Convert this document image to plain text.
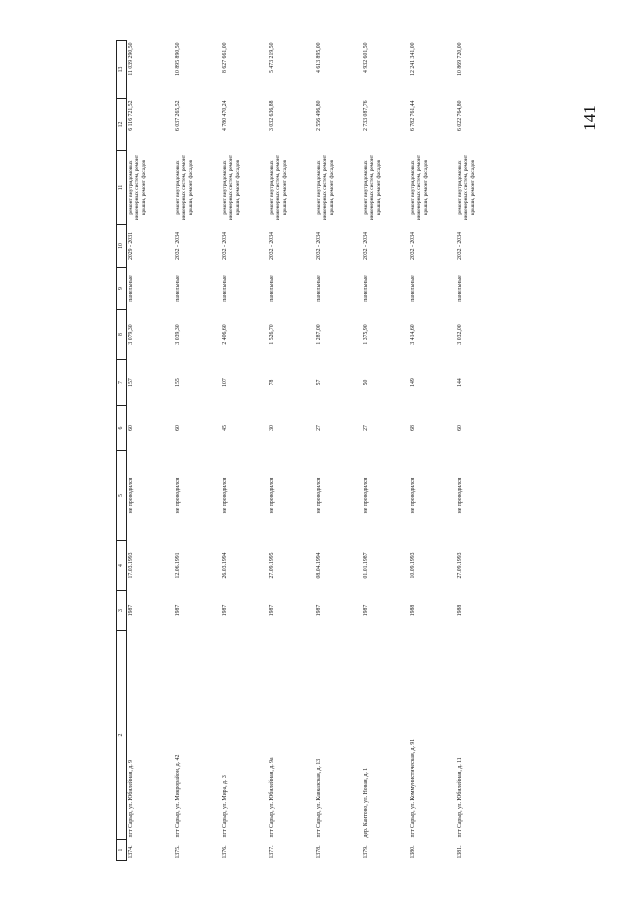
141
1	2	3	4	5	6	7	8	9	10	11	12	13
1374.	пгт Сарыр, ул. Юбилейная, д. 9	1987	17.03.1993	не проводился	60	157	3 079,30	панельные	2029 - 2031	ремонт внутридомовых инженерных систем, ремонт крыши, ремонт фасадов	6 116 721,52	11 039 290,50
1375.	пгт Сарыр, ул. Микрорайон, д. 42	1987	12.06.1991	не проводился	60	155	3 039,30	панельные	2032 - 2034	ремонт внутридомовых инженерных систем, ремонт крыши, ремонт фасадов	6 037 265,52	10 895 890,50
1376.	пгт Сарыр, ул. Мира, д. 3	1987	26.03.1994	не проводился	45	107	2 406,60	панельные	2032 - 2034	ремонт внутридомовых инженерных систем, ремонт крыши, ремонт фасадов	4 780 470,24	8 627 661,00
1377.	пгт Сарыр, ул. Юбилейная, д. 9а	1987	27.09.1995	не проводился	30	78	1 526,70	панельные	2032 - 2034	ремонт внутридомовых инженерных систем, ремонт крыши, ремонт фасадов	3 032 636,88	5 473 219,50
1378.	пгт Сарыр, ул. Кавказская, д. 13	1987	08.04.1994	не проводился	27	57	1 287,00	панельные	2032 - 2034	ремонт внутридомовых инженерных систем, ремонт крыши, ремонт фасадов	2 556 496,80	4 613 895,00
1379.	дер. Каитово, ул. Новая, д. 1	1987	01.01.1987	не проводился	27	50	1 375,90	панельные	2032 - 2034	ремонт внутридомовых инженерных систем, ремонт крыши, ремонт фасадов	2 733 087,76	4 932 601,50
1380.	пгт Сарыр, ул. Коммунистическая, д. 91	1988	10.09.1993	не проводился	68	149	3 414,60	панельные	2032 - 2034	ремонт внутридомовых инженерных систем, ремонт крыши, ремонт фасадов	6 782 761,44	12 241 341,00
1381.	пгт Сарыр, ул. Юбилейная, д. 11	1988	27.09.1993	не проводился	60	144	3 032,00	панельные	2032 - 2034	ремонт внутридомовых инженерных систем, ремонт крыши, ремонт фасадов	6 022 764,80	10 869 720,00
